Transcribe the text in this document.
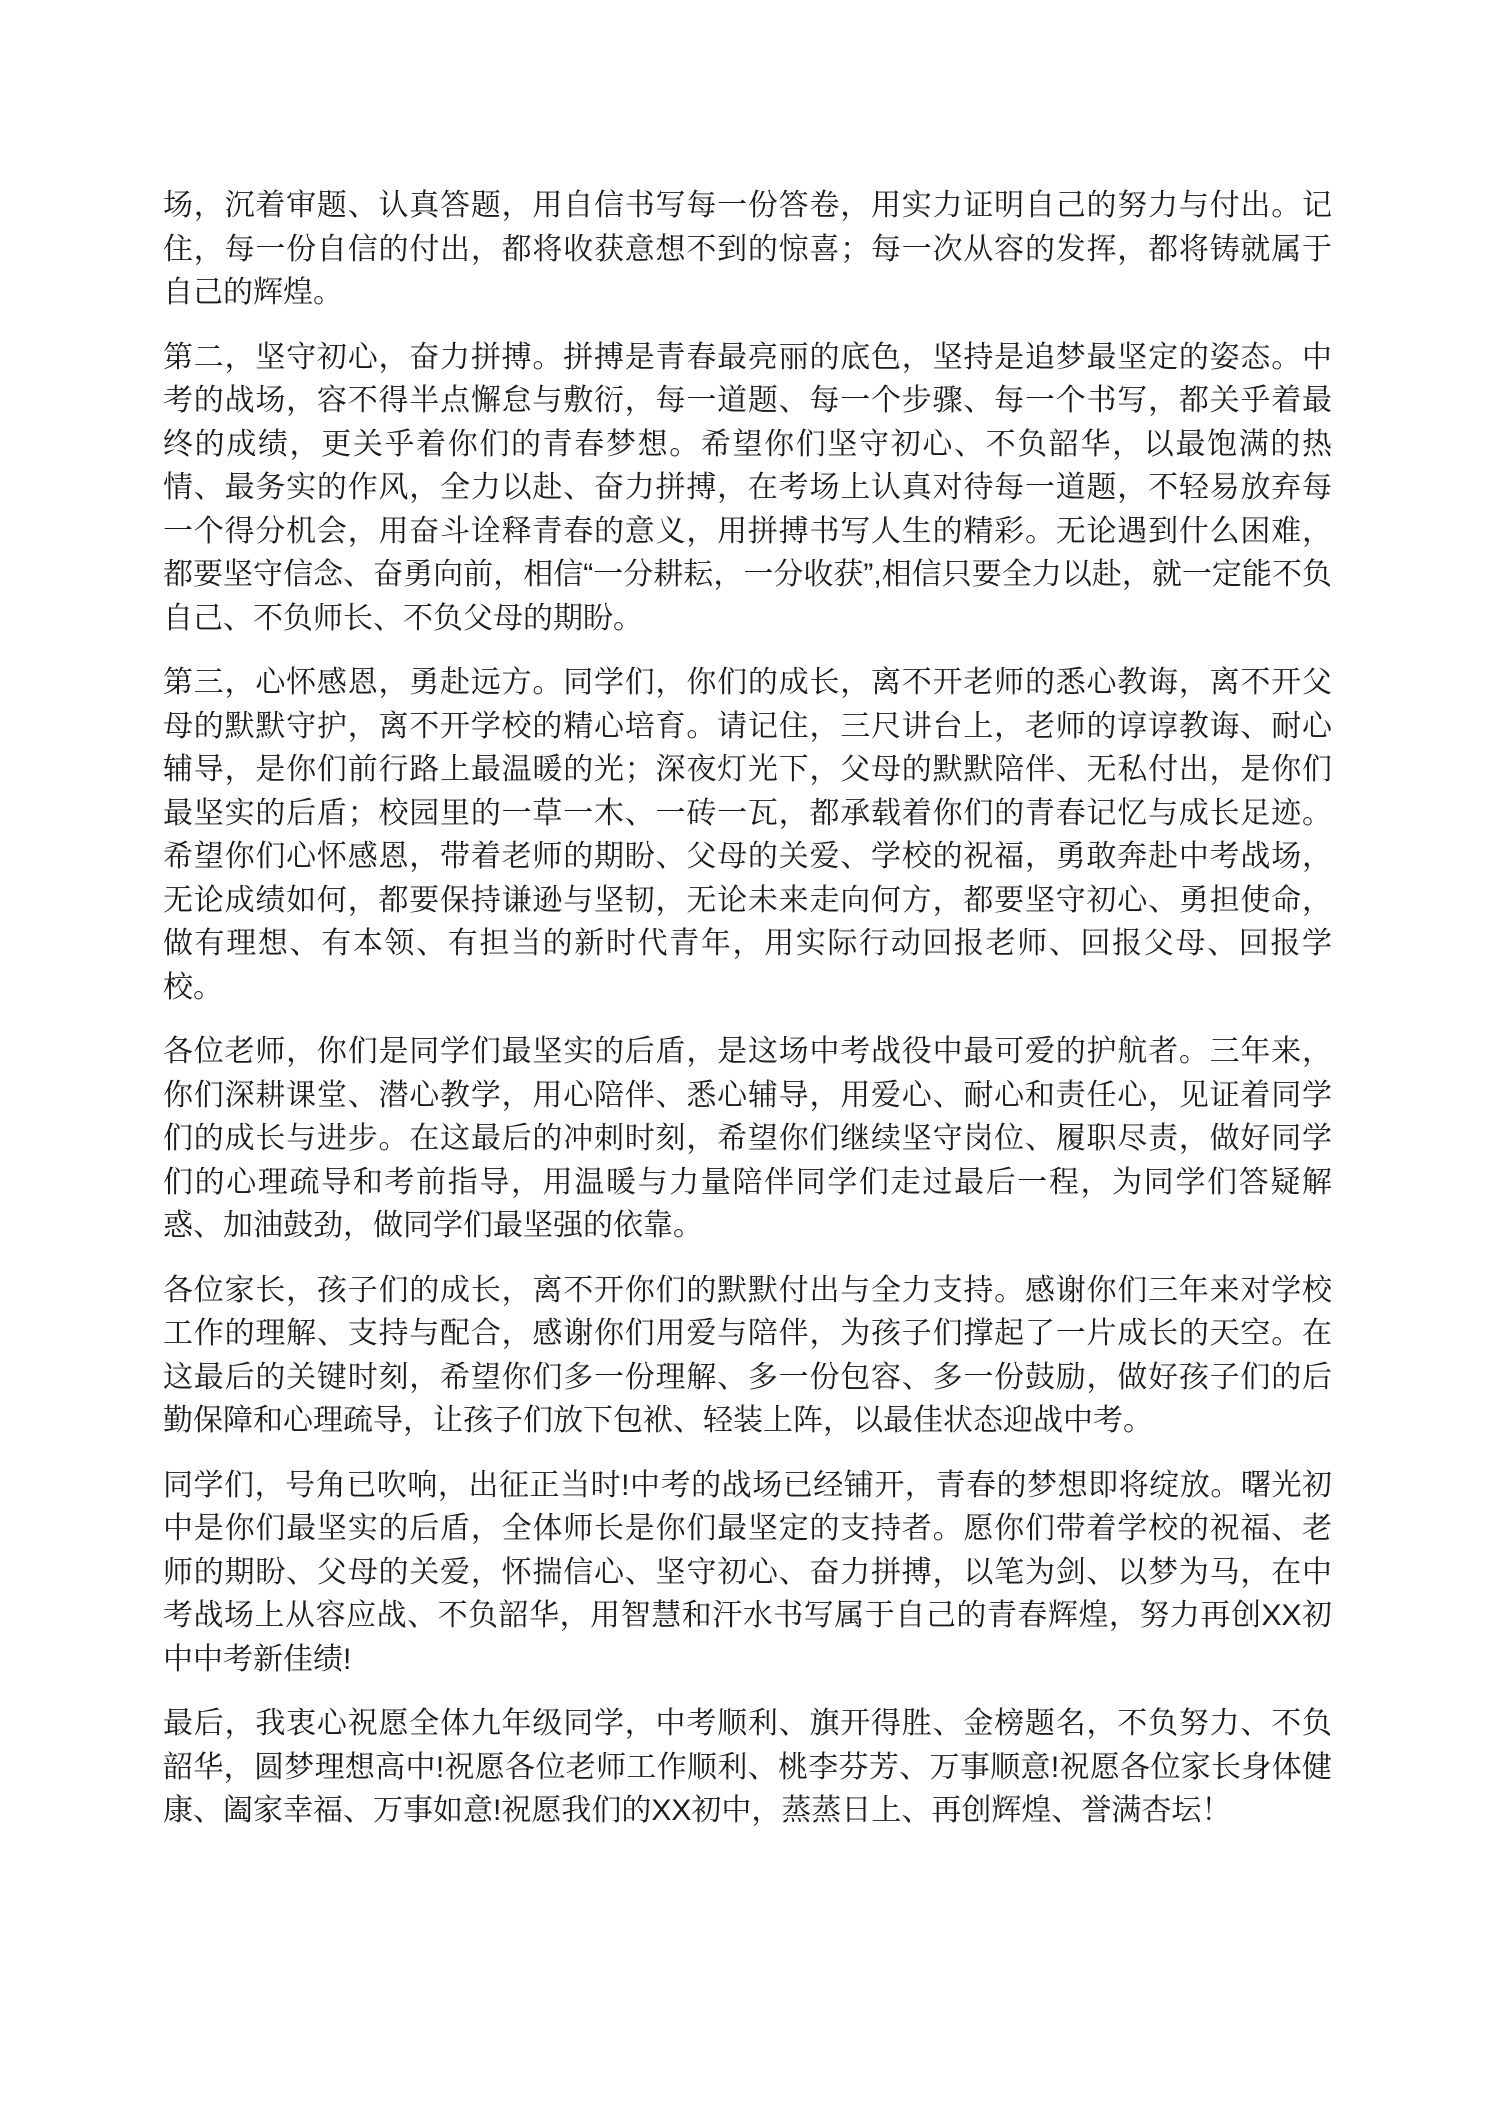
场，沉着审题、认真答题，用自信书写每一份答卷，用实力证明自己的努力与付出。记住，每一份自信的付出，都将收获意想不到的惊喜；每一次从容的发挥，都将铸就属于自己的辉煌。

第二，坚守初心，奋力拼搏。拼搏是青春最亮丽的底色，坚持是追梦最坚定的姿态。中考的战场，容不得半点懈怠与敷衍，每一道题、每一个步骤、每一个书写，都关乎着最终的成绩，更关乎着你们的青春梦想。希望你们坚守初心、不负韶华，以最饱满的热情、最务实的作风，全力以赴、奋力拼搏，在考场上认真对待每一道题，不轻易放弃每一个得分机会，用奋斗诠释青春的意义，用拼搏书写人生的精彩。无论遇到什么困难，都要坚守信念、奋勇向前，相信“一分耕耘，一分收获”,相信只要全力以赴，就一定能不负自己、不负师长、不负父母的期盼。

第三，心怀感恩，勇赴远方。同学们，你们的成长，离不开老师的悉心教诲，离不开父母的默默守护，离不开学校的精心培育。请记住，三尺讲台上，老师的谆谆教诲、耐心辅导，是你们前行路上最温暖的光；深夜灯光下，父母的默默陪伴、无私付出，是你们最坚实的后盾；校园里的一草一木、一砖一瓦，都承载着你们的青春记忆与成长足迹。希望你们心怀感恩，带着老师的期盼、父母的关爱、学校的祝福，勇敢奔赴中考战场，无论成绩如何，都要保持谦逊与坚韧，无论未来走向何方，都要坚守初心、勇担使命，做有理想、有本领、有担当的新时代青年，用实际行动回报老师、回报父母、回报学校。

各位老师，你们是同学们最坚实的后盾，是这场中考战役中最可爱的护航者。三年来，你们深耕课堂、潜心教学，用心陪伴、悉心辅导，用爱心、耐心和责任心，见证着同学们的成长与进步。在这最后的冲刺时刻，希望你们继续坚守岗位、履职尽责，做好同学们的心理疏导和考前指导，用温暖与力量陪伴同学们走过最后一程，为同学们答疑解惑、加油鼓劲，做同学们最坚强的依靠。

各位家长，孩子们的成长，离不开你们的默默付出与全力支持。感谢你们三年来对学校工作的理解、支持与配合，感谢你们用爱与陪伴，为孩子们撑起了一片成长的天空。在这最后的关键时刻，希望你们多一份理解、多一份包容、多一份鼓励，做好孩子们的后勤保障和心理疏导，让孩子们放下包袱、轻装上阵，以最佳状态迎战中考。

同学们，号角已吹响，出征正当时!中考的战场已经铺开，青春的梦想即将绽放。曙光初中是你们最坚实的后盾，全体师长是你们最坚定的支持者。愿你们带着学校的祝福、老师的期盼、父母的关爱，怀揣信心、坚守初心、奋力拼搏，以笔为剑、以梦为马，在中考战场上从容应战、不负韶华，用智慧和汗水书写属于自己的青春辉煌，努力再创XX初中中考新佳绩!

最后，我衷心祝愿全体九年级同学，中考顺利、旗开得胜、金榜题名，不负努力、不负韶华，圆梦理想高中!祝愿各位老师工作顺利、桃李芬芳、万事顺意!祝愿各位家长身体健康、阖家幸福、万事如意!祝愿我们的XX初中，蒸蒸日上、再创辉煌、誉满杏坛！
